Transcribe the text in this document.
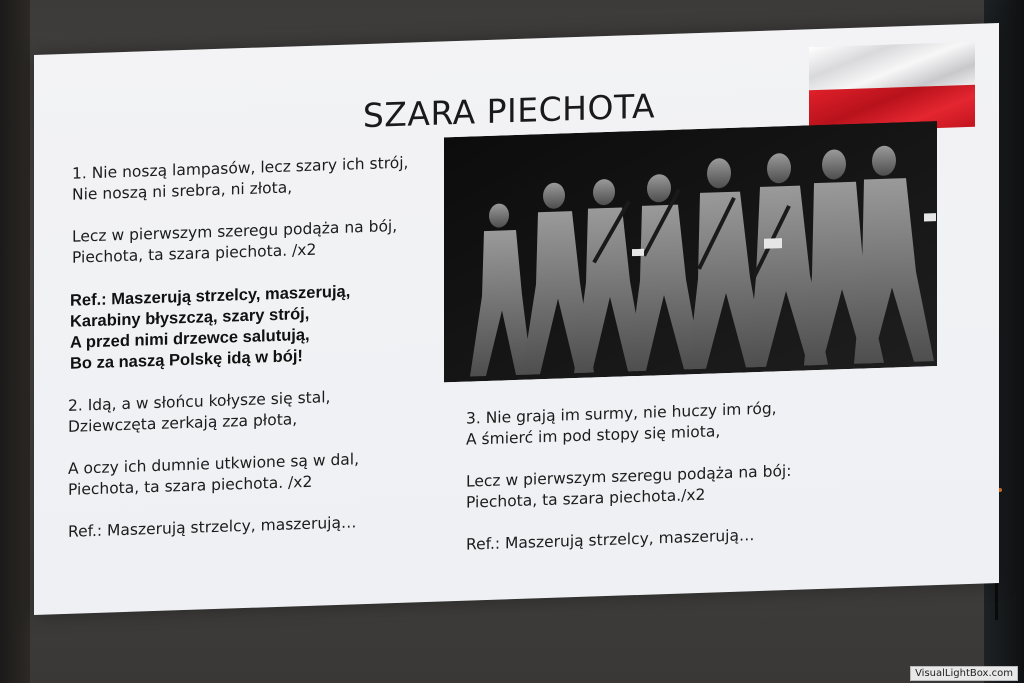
SZARA PIECHOTA
1. Nie noszą lampasów, lecz szary ich strój,
Nie noszą ni srebra, ni złota,

Lecz w pierwszym szeregu podąża na bój,
Piechota, ta szara piechota. /x2
Ref.: Maszerują strzelcy, maszerują,
Karabiny błyszczą, szary strój,
A przed nimi drzewce salutują,
Bo za naszą Polskę idą w bój!
2. Idą, a w słońcu kołysze się stal,
Dziewczęta zerkają zza płota,

A oczy ich dumnie utkwione są w dal,
Piechota, ta szara piechota. /x2

Ref.: Maszerują strzelcy, maszerują…
3. Nie grają im surmy, nie huczy im róg,
A śmierć im pod stopy się miota,

Lecz w pierwszym szeregu podąża na bój:
Piechota, ta szara piechota./x2

Ref.: Maszerują strzelcy, maszerują…
VisualLightBox.com
